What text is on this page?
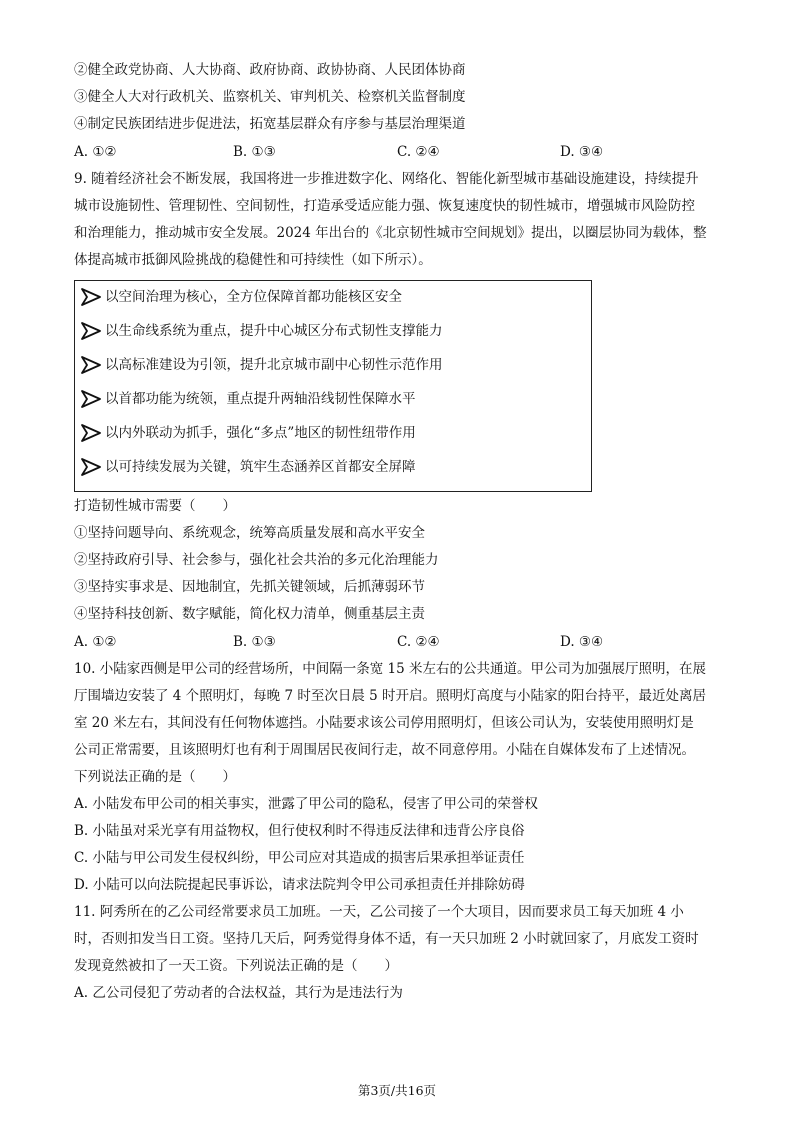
②健全政党协商、人大协商、政府协商、政协协商、人民团体协商
③健全人大对行政机关、监察机关、审判机关、检察机关监督制度
④制定民族团结进步促进法，拓宽基层群众有序参与基层治理渠道
A. ①②	B. ①③	C. ②④	D. ③④
9. 随着经济社会不断发展，我国将进一步推进数字化、网络化、智能化新型城市基础设施建设，持续提升
城市设施韧性、管理韧性、空间韧性，打造承受适应能力强、恢复速度快的韧性城市，增强城市风险防控
和治理能力，推动城市安全发展。2024 年出台的《北京韧性城市空间规划》提出，以圈层协同为载体，整
体提高城市抵御风险挑战的稳健性和可持续性（如下所示）。
以空间治理为核心，全方位保障首都功能核区安全
以生命线系统为重点，提升中心城区分布式韧性支撑能力
以高标准建设为引领，提升北京城市副中心韧性示范作用
以首都功能为统领，重点提升两轴沿线韧性保障水平
以内外联动为抓手，强化“多点”地区的韧性纽带作用
以可持续发展为关键，筑牢生态涵养区首都安全屏障
打造韧性城市需要（　　）
①坚持问题导向、系统观念，统筹高质量发展和高水平安全
②坚持政府引导、社会参与，强化社会共治的多元化治理能力
③坚持实事求是、因地制宜，先抓关键领域，后抓薄弱环节
④坚持科技创新、数字赋能，简化权力清单，侧重基层主责
A. ①②	B. ①③	C. ②④	D. ③④
10. 小陆家西侧是甲公司的经营场所，中间隔一条宽 15 米左右的公共通道。甲公司为加强展厅照明，在展
厅围墙边安装了 4 个照明灯，每晚 7 时至次日晨 5 时开启。照明灯高度与小陆家的阳台持平，最近处离居
室 20 米左右，其间没有任何物体遮挡。小陆要求该公司停用照明灯，但该公司认为，安装使用照明灯是
公司正常需要，且该照明灯也有利于周围居民夜间行走，故不同意停用。小陆在自媒体发布了上述情况。
下列说法正确的是（　　）
A. 小陆发布甲公司的相关事实，泄露了甲公司的隐私，侵害了甲公司的荣誉权
B. 小陆虽对采光享有用益物权，但行使权利时不得违反法律和违背公序良俗
C. 小陆与甲公司发生侵权纠纷，甲公司应对其造成的损害后果承担举证责任
D. 小陆可以向法院提起民事诉讼，请求法院判令甲公司承担责任并排除妨碍
11. 阿秀所在的乙公司经常要求员工加班。一天，乙公司接了一个大项目，因而要求员工每天加班 4 小
时，否则扣发当日工资。坚持几天后，阿秀觉得身体不适，有一天只加班 2 小时就回家了，月底发工资时
发现竟然被扣了一天工资。下列说法正确的是（　　）
A. 乙公司侵犯了劳动者的合法权益，其行为是违法行为
第3页/共16页
